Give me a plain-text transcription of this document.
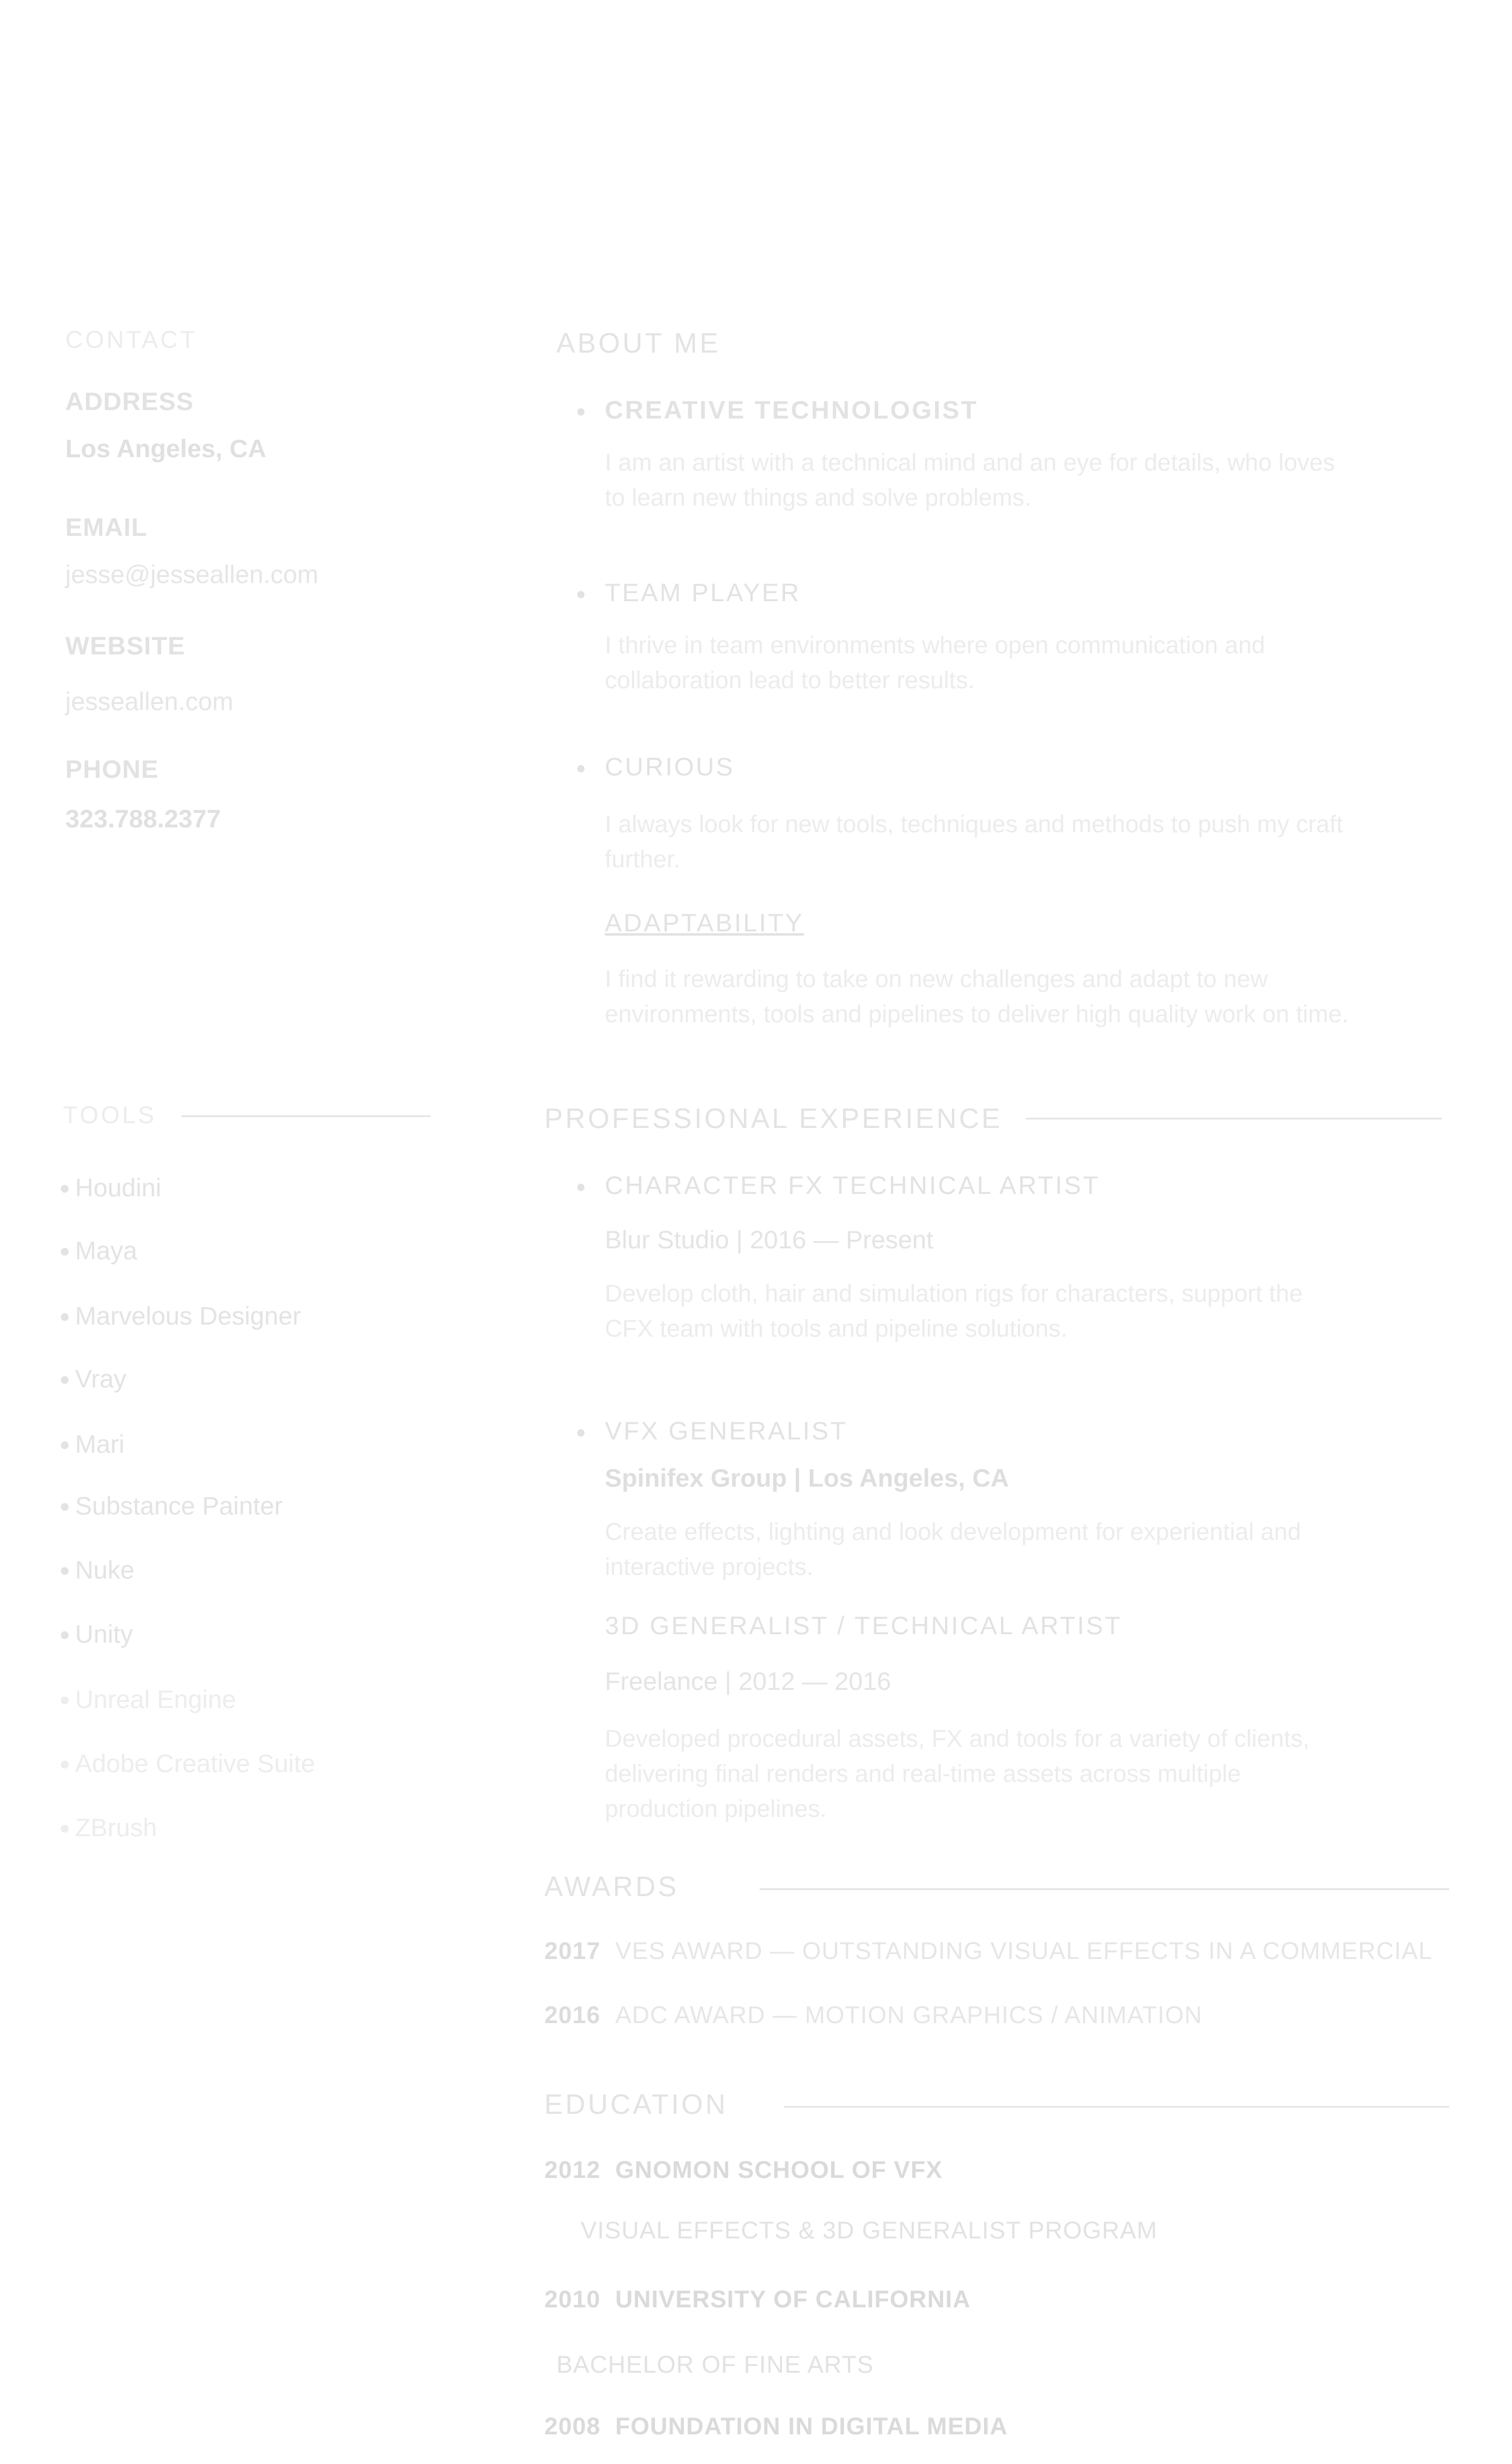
CONTACT
ADDRESS
Los Angeles, CA
EMAIL
jesse@jesseallen.com
WEBSITE
jesseallen.com
PHONE
323.788.2377
TOOLS
● Houdini
● Maya
● Marvelous Designer
● Vray
● Mari
● Substance Painter
● Nuke
● Unity
● Unreal Engine
● Adobe Creative Suite
● ZBrush
ABOUT ME
● CREATIVE TECHNOLOGIST
I am an artist with a technical mind and an eye for details, who loves to learn new things and solve problems.
● TEAM PLAYER
I thrive in team environments where open communication and collaboration lead to better results.
● CURIOUS
I always look for new tools, techniques and methods to push my craft further.
ADAPTABILITY
I find it rewarding to take on new challenges and adapt to new environments, tools and pipelines to deliver high quality work on time.
PROFESSIONAL EXPERIENCE
● CHARACTER FX TECHNICAL ARTIST
Blur Studio | 2016 — Present
Develop cloth, hair and simulation rigs for characters, support the CFX team with tools and pipeline solutions.
● VFX GENERALIST
Spinifex Group | Los Angeles, CA
Create effects, lighting and look development for experiential and interactive projects.
3D GENERALIST / TECHNICAL ARTIST
Freelance | 2012 — 2016
Developed procedural assets, FX and tools for a variety of clients, delivering final renders and real-time assets across multiple production pipelines.
AWARDS
2017 VES AWARD — OUTSTANDING VISUAL EFFECTS IN A COMMERCIAL
2016 ADC AWARD — MOTION GRAPHICS / ANIMATION
EDUCATION
2012 GNOMON SCHOOL OF VFX
VISUAL EFFECTS & 3D GENERALIST PROGRAM
2010 UNIVERSITY OF CALIFORNIA
BACHELOR OF FINE ARTS
2008 FOUNDATION IN DIGITAL MEDIA
